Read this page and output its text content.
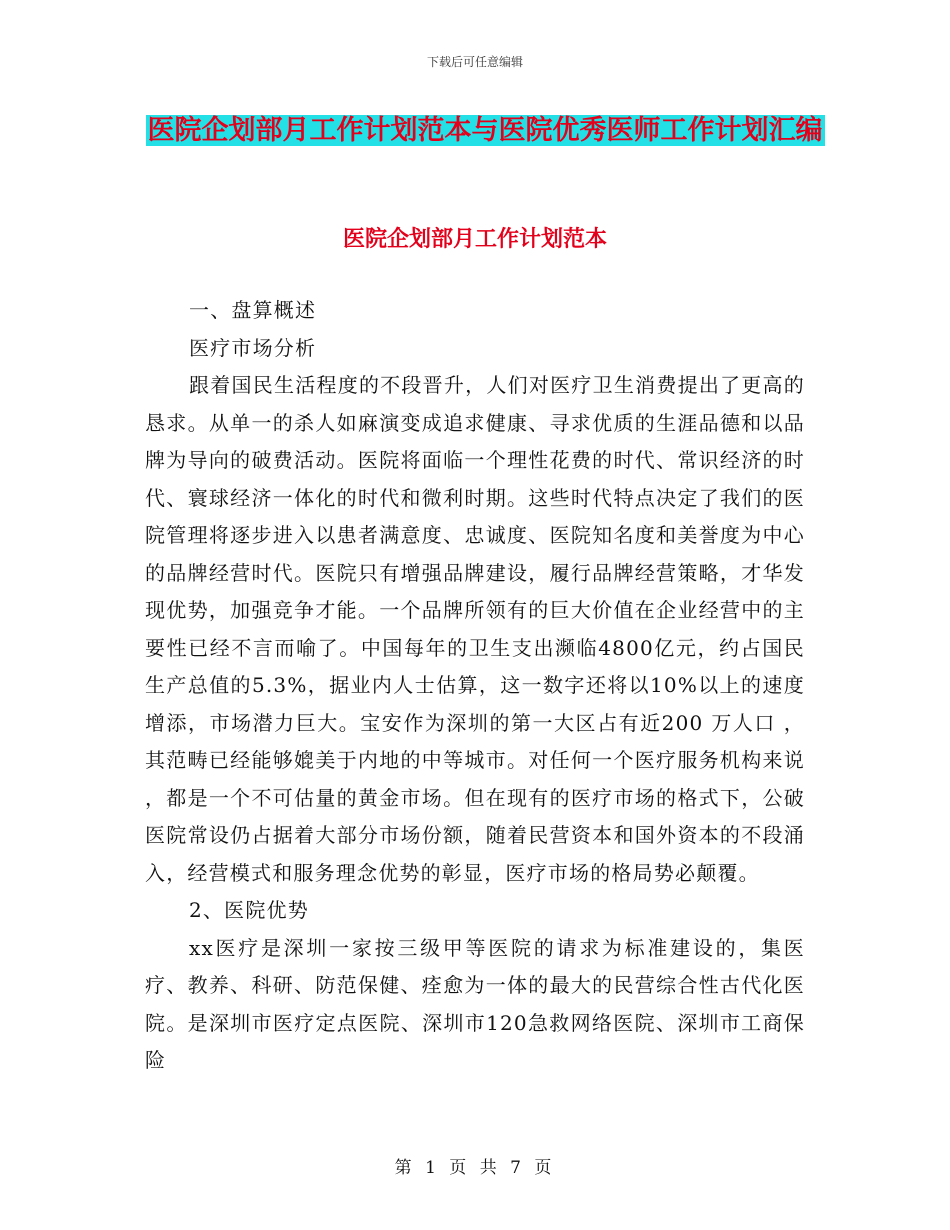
下载后可任意编辑
医院企划部月工作计划范本与医院优秀医师工作计划汇编
医院企划部月工作计划范本

一、盘算概述

医疗市场分析

跟着国民生活程度的不段晋升，人们对医疗卫生消费提出了更高的恳求。从单一的杀人如麻演变成追求健康、寻求优质的生涯品德和以品牌为导向的破费活动。医院将面临一个理性花费的时代、常识经济的时代、寰球经济一体化的时代和微利时期。这些时代特点决定了我们的医院管理将逐步进入以患者满意度、忠诚度、医院知名度和美誉度为中心的品牌经营时代。医院只有增强品牌建设，履行品牌经营策略，才华发现优势，加强竞争才能。一个品牌所领有的巨大价值在企业经营中的主要性已经不言而喻了。中国每年的卫生支出濒临4800亿元，约占国民生产总值的5.3%，据业内人士估算，这一数字还将以10%以上的速度增添，市场潜力巨大。宝安作为深圳的第一大区占有近200 万人口 ，其范畴已经能够媲美于内地的中等城市。对任何一个医疗服务机构来说 ，都是一个不可估量的黄金市场。但在现有的医疗市场的格式下，公破医院常设仍占据着大部分市场份额，随着民营资本和国外资本的不段涌入，经营模式和服务理念优势的彰显，医疗市场的格局势必颠覆。

2、医院优势

xx医疗是深圳一家按三级甲等医院的请求为标准建设的，集医疗、教养、科研、防范保健、痊愈为一体的最大的民营综合性古代化医院。是深圳市医疗定点医院、深圳市120急救网络医院、深圳市工商保险

第 1 页 共 7 页
